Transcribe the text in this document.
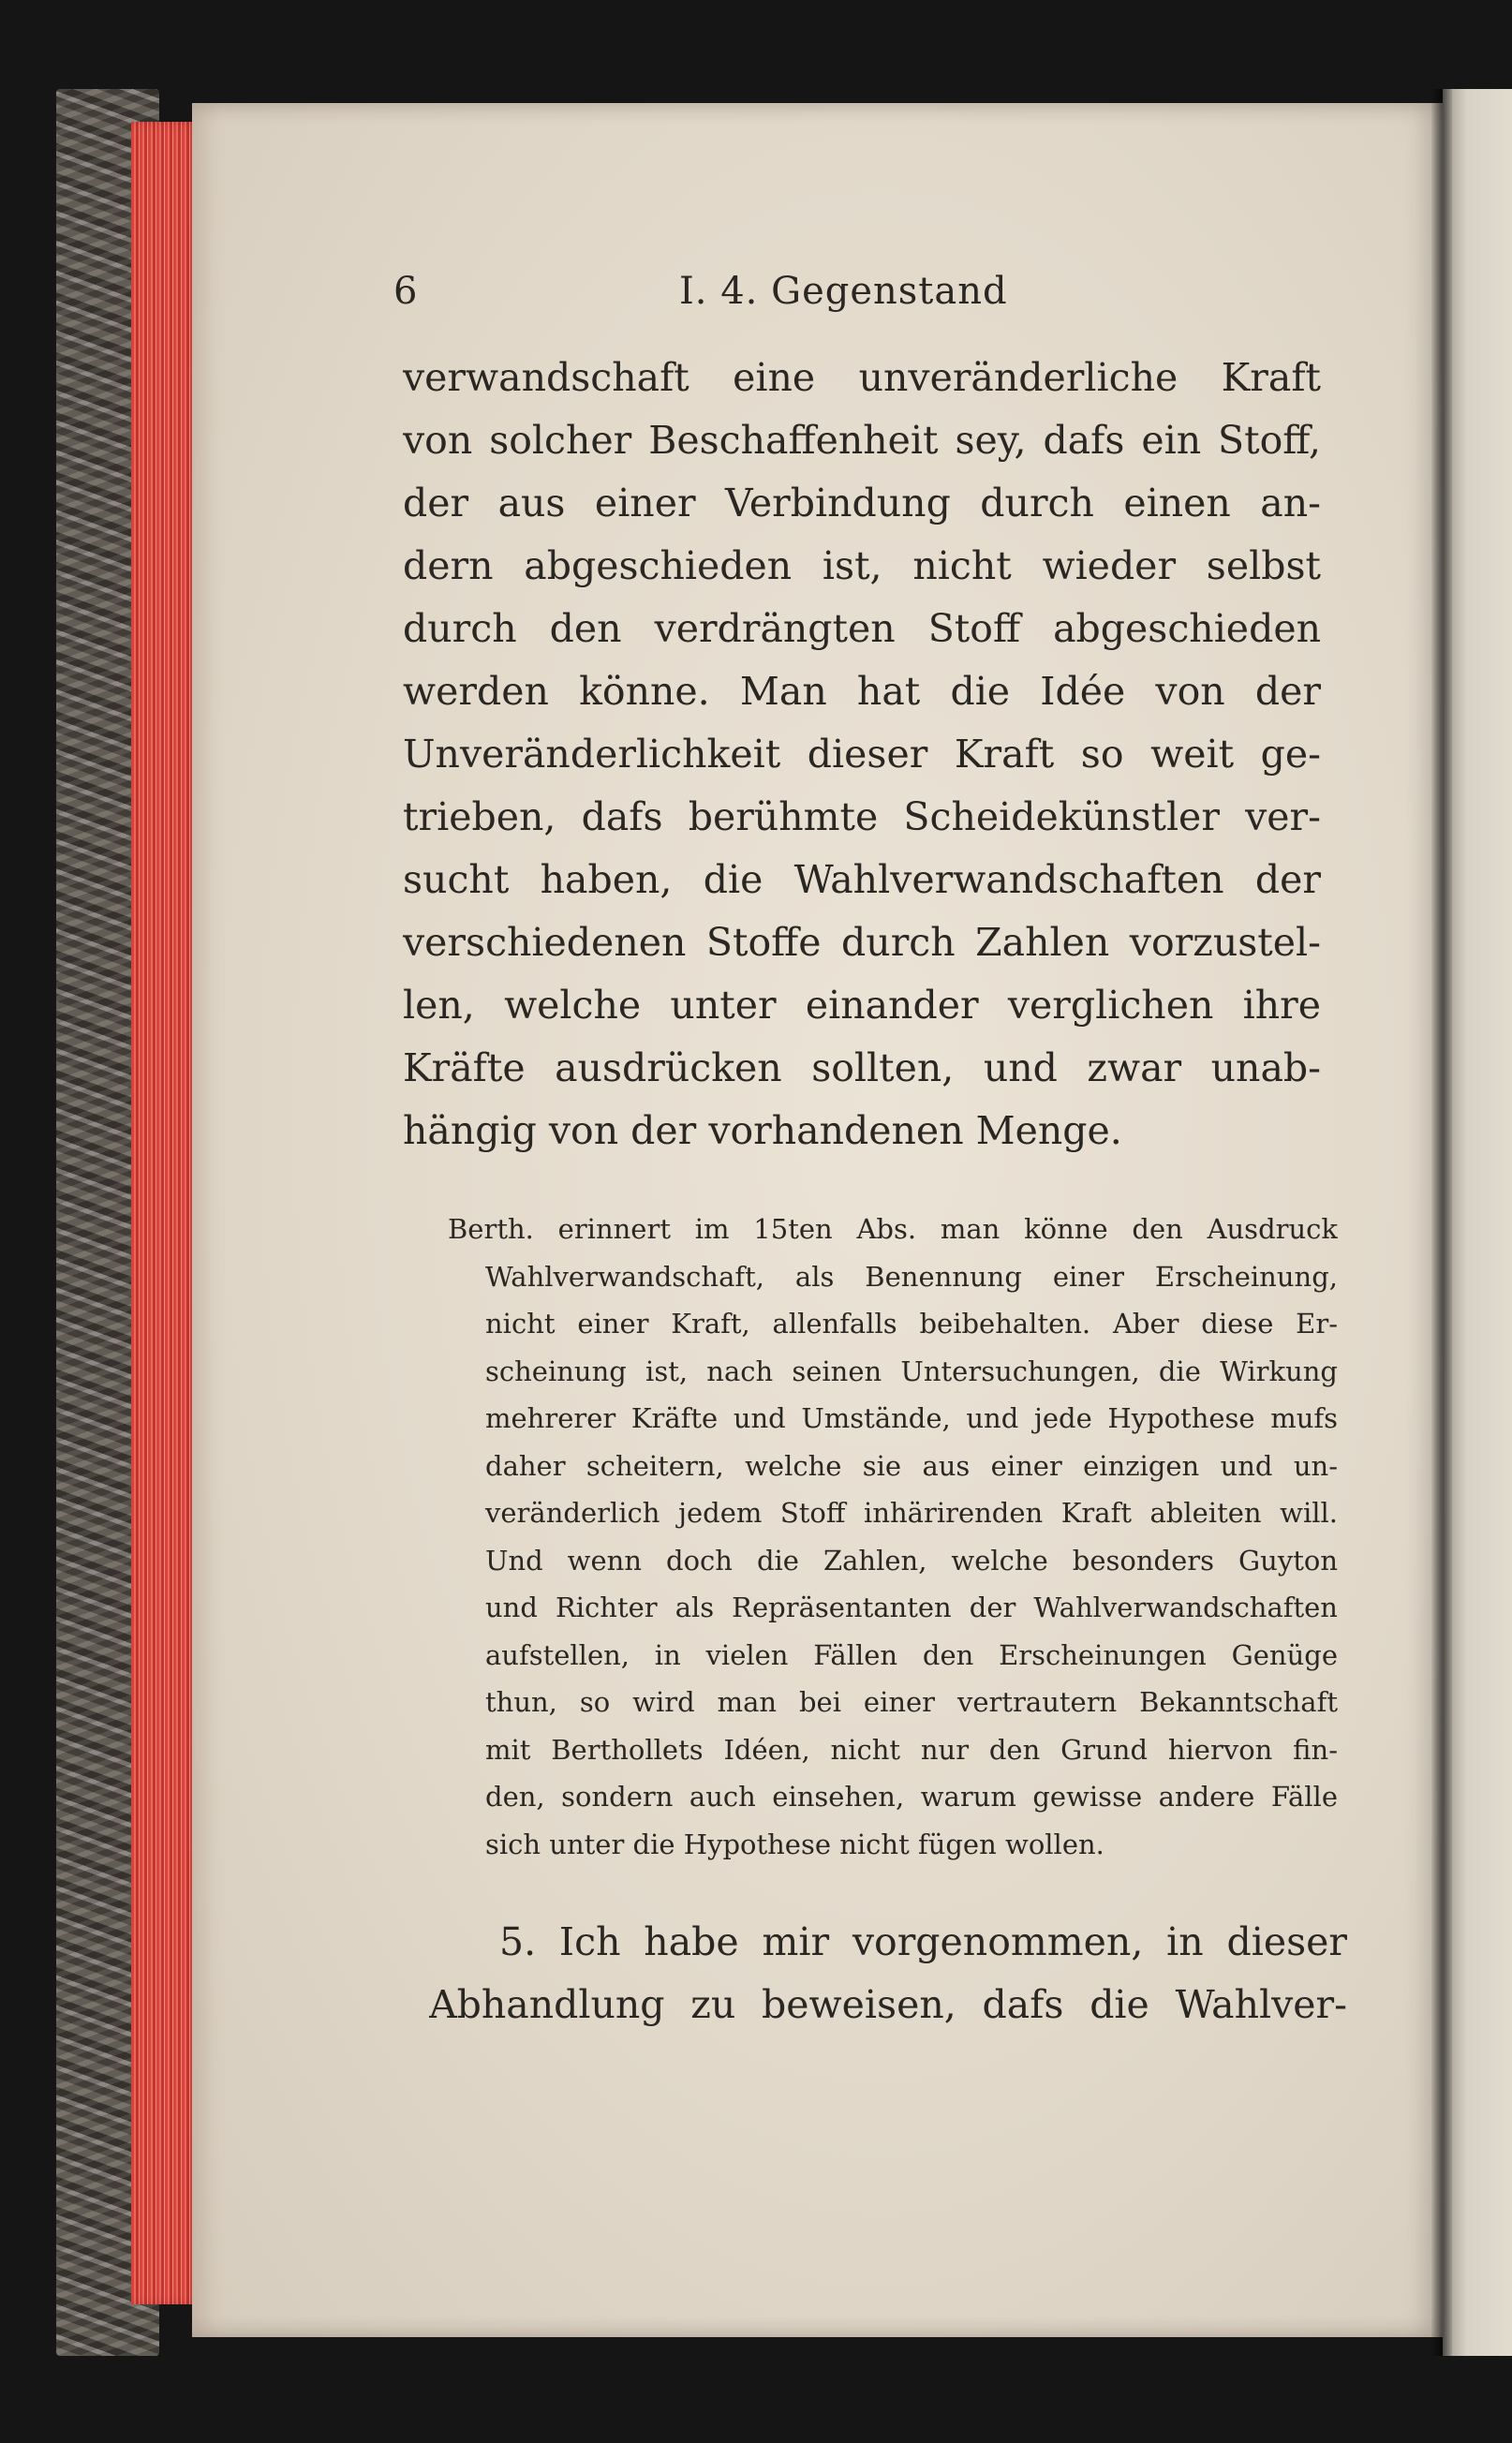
6	I. 4. Gegenstand
verwandschaft eine unveränderliche Kraft
von solcher Beschaffenheit sey, dafs ein Stoff,
der aus einer Verbindung durch einen an-
dern abgeschieden ist, nicht wieder selbst
durch den verdrängten Stoff abgeschieden
werden könne. Man hat die Idée von der
Unveränderlichkeit dieser Kraft so weit ge-
trieben, dafs berühmte Scheidekünstler ver-
sucht haben, die Wahlverwandschaften der
verschiedenen Stoffe durch Zahlen vorzustel-
len, welche unter einander verglichen ihre
Kräfte ausdrücken sollten, und zwar unab-
hängig von der vorhandenen Menge.
Berth. erinnert im 15ten Abs. man könne den Ausdruck
Wahlverwandschaft, als Benennung einer Erscheinung,
nicht einer Kraft, allenfalls beibehalten. Aber diese Er-
scheinung ist, nach seinen Untersuchungen, die Wirkung
mehrerer Kräfte und Umstände, und jede Hypothese mufs
daher scheitern, welche sie aus einer einzigen und un-
veränderlich jedem Stoff inhärirenden Kraft ableiten will.
Und wenn doch die Zahlen, welche besonders Guyton
und Richter als Repräsentanten der Wahlverwandschaften
aufstellen, in vielen Fällen den Erscheinungen Genüge
thun, so wird man bei einer vertrautern Bekanntschaft
mit Berthollets Idéen, nicht nur den Grund hiervon fin-
den, sondern auch einsehen, warum gewisse andere Fälle
sich unter die Hypothese nicht fügen wollen.
5. Ich habe mir vorgenommen, in dieser
Abhandlung zu beweisen, dafs die Wahlver-
